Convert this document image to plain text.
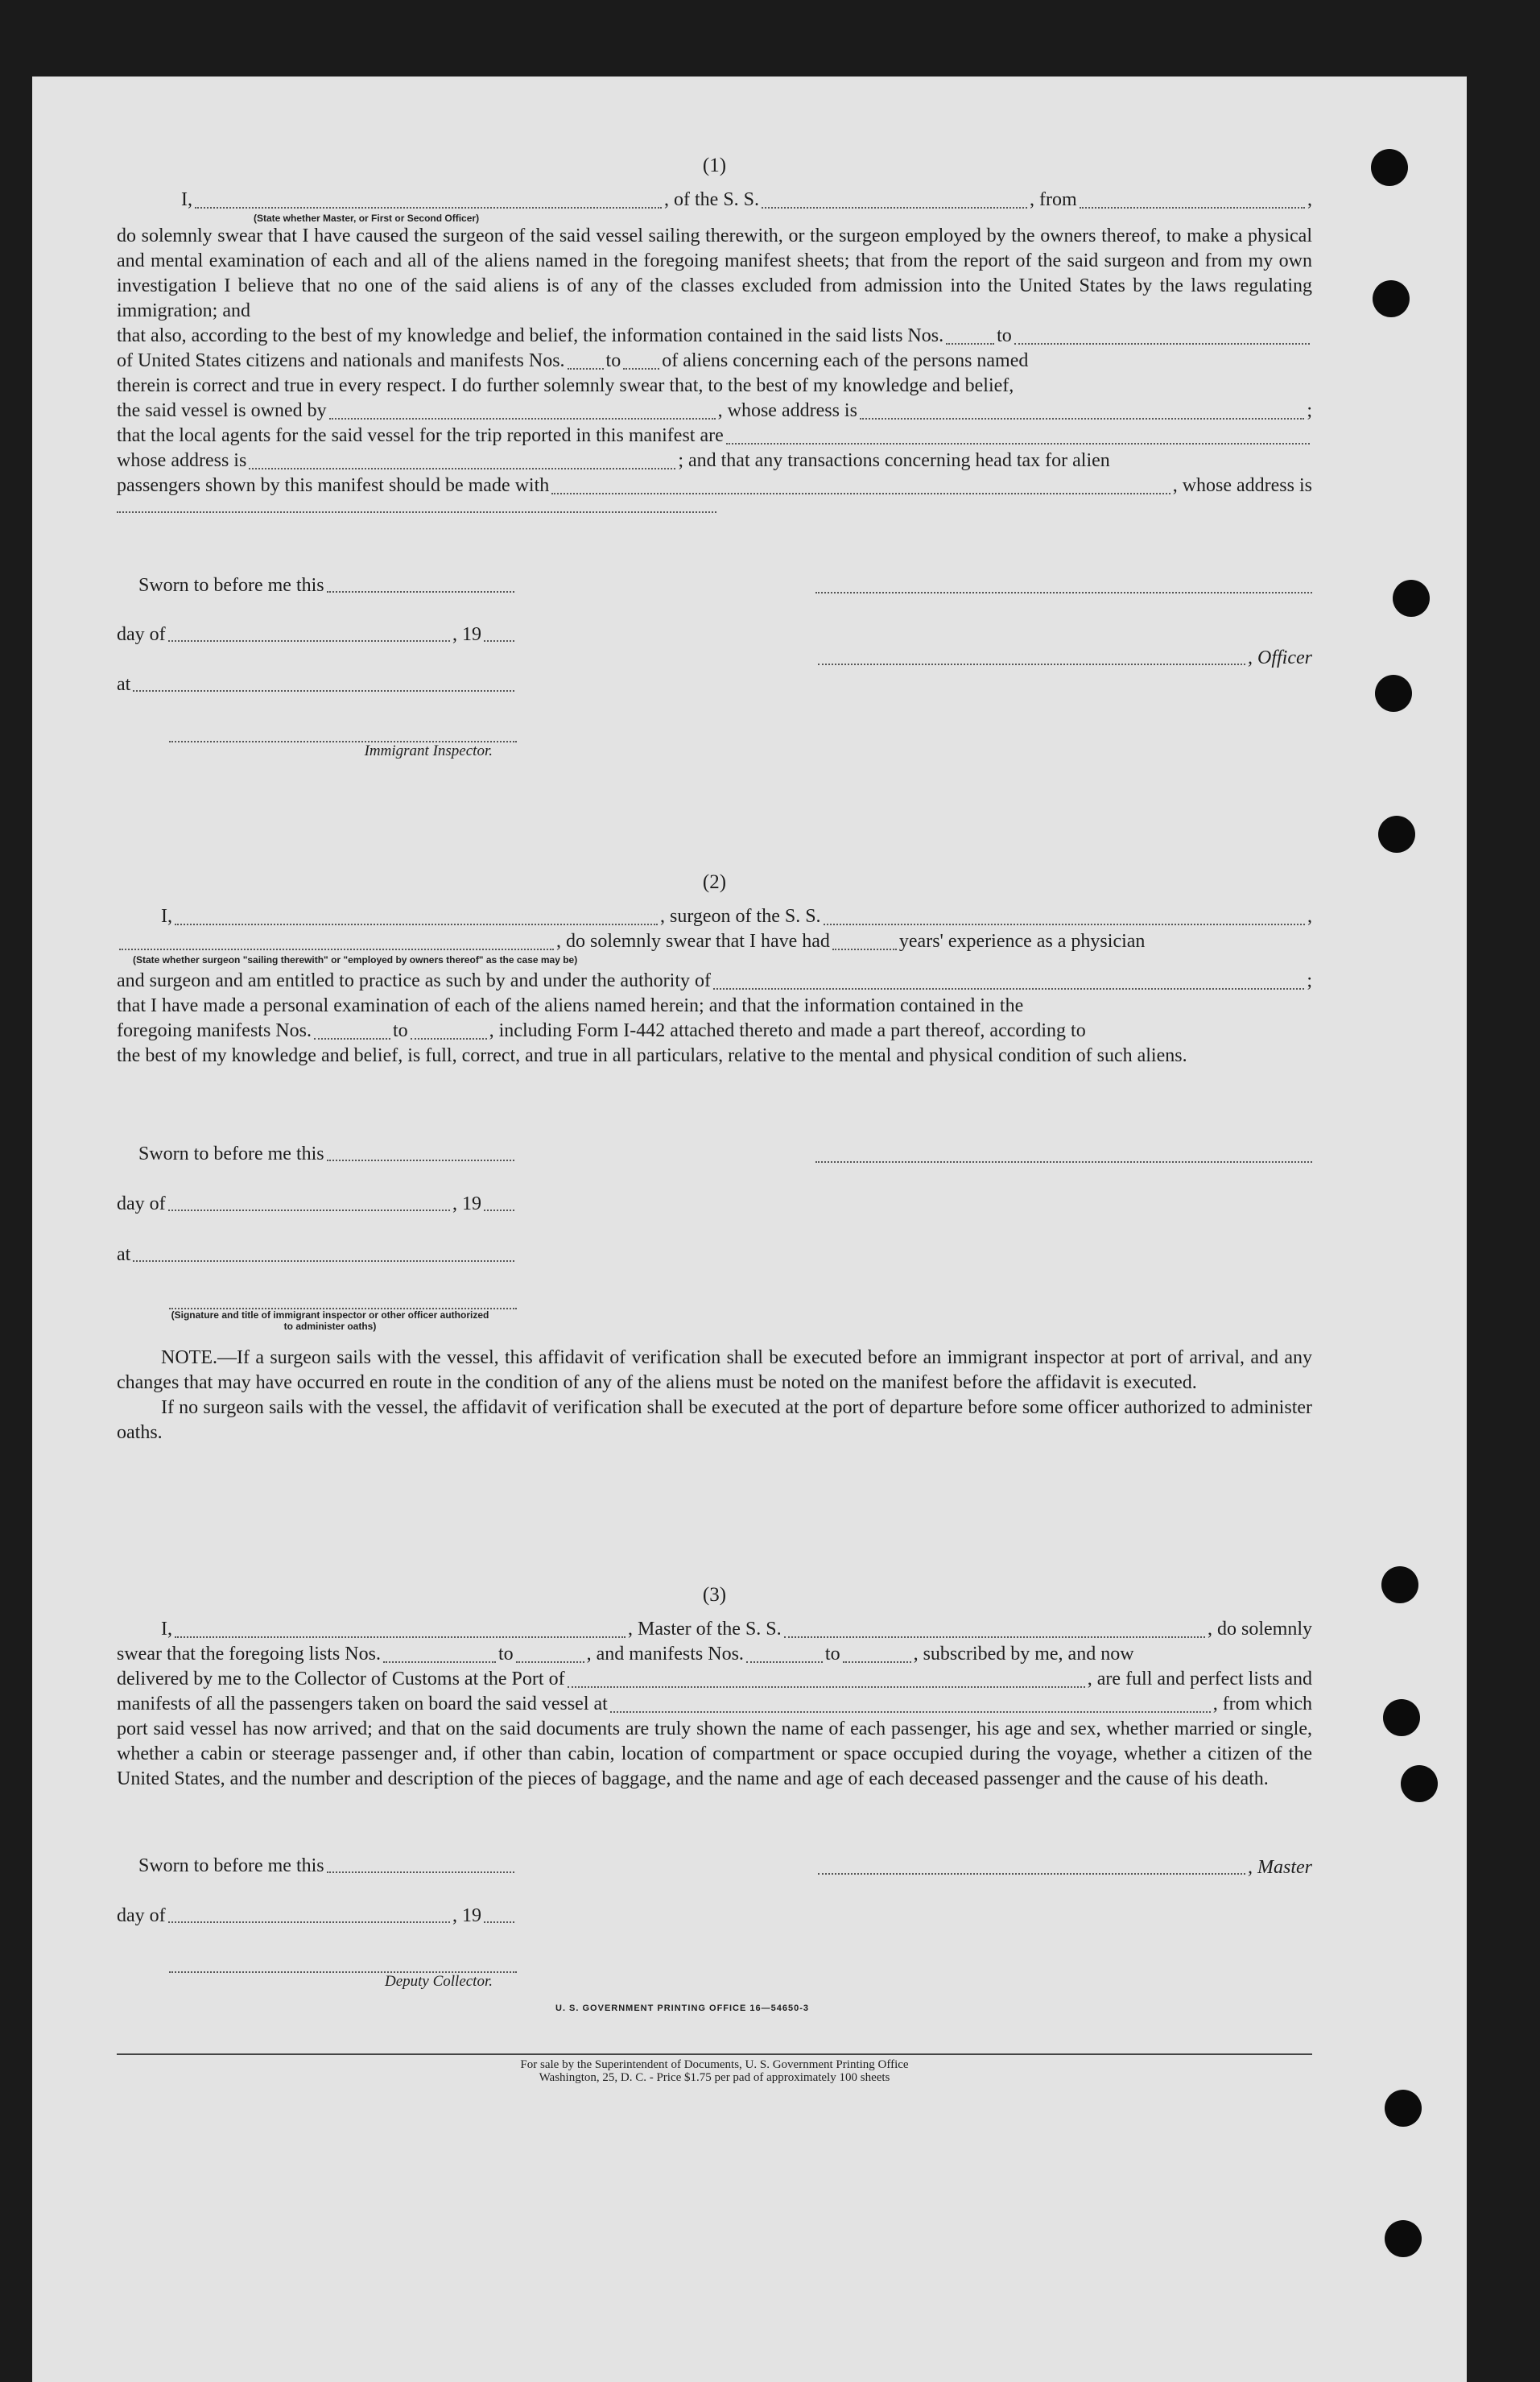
(1)

I,	, of the S. S.	, from	,
(State whether Master, or First or Second Officer)

do solemnly swear that I have caused the surgeon of the said vessel sailing therewith, or the surgeon employed by the owners thereof, to make a physical and mental examination of each and all of the aliens named in the foregoing manifest sheets; that from the report of the said surgeon and from my own investigation I believe that no one of the said aliens is of any of the classes excluded from admission into the United States by the laws regulating immigration; and

that also, according to the best of my knowledge and belief, the information contained in the said lists Nos.	to
of United States citizens and nationals and manifests Nos. to of aliens concerning each of the persons named
therein is correct and true in every respect. I do further solemnly swear that, to the best of my knowledge and belief,
the said vessel is owned by	, whose address is	;
that the local agents for the said vessel for the trip reported in this manifest are
whose address is	; and that any transactions concerning head tax for alien
passengers shown by this manifest should be made with	, whose address is
Sworn to before me this
day of	, 19
at
Immigrant Inspector.
, Officer

(2)

I,	, surgeon of the S. S.	,
, do solemnly swear that I have had	years' experience as a physician
(State whether surgeon "sailing therewith" or "employed by owners thereof" as the case may be)
and surgeon and am entitled to practice as such by and under the authority of	;
that I have made a personal examination of each of the aliens named herein; and that the information contained in the
foregoing manifests Nos.	to	, including Form I-442 attached thereto and made a part thereof, according to

the best of my knowledge and belief, is full, correct, and true in all particulars, relative to the mental and physical condition of such aliens.

Sworn to before me this
day of	, 19
at
(Signature and title of immigrant inspector or other officer authorized to administer oaths)

NOTE.—If a surgeon sails with the vessel, this affidavit of verification shall be executed before an immigrant inspector at port of arrival, and any changes that may have occurred en route in the condition of any of the aliens must be noted on the manifest before the affidavit is executed.

If no surgeon sails with the vessel, the affidavit of verification shall be executed at the port of departure before some officer authorized to administer oaths.

(3)

I,	, Master of the S. S.	, do solemnly
swear that the foregoing lists Nos.	to	, and manifests Nos.	to	, subscribed by me, and now
delivered by me to the Collector of Customs at the Port of	, are full and perfect lists and
manifests of all the passengers taken on board the said vessel at	, from which

port said vessel has now arrived; and that on the said documents are truly shown the name of each passenger, his age and sex, whether married or single, whether a cabin or steerage passenger and, if other than cabin, location of compartment or space occupied during the voyage, whether a citizen of the United States, and the number and description of the pieces of baggage, and the name and age of each deceased passenger and the cause of his death.

Sworn to before me this
day of	, 19
, Master
Deputy Collector.
U. S. GOVERNMENT PRINTING OFFICE 16—54650-3
For sale by the Superintendent of Documents, U. S. Government Printing Office
Washington, 25, D. C. - Price $1.75 per pad of approximately 100 sheets
